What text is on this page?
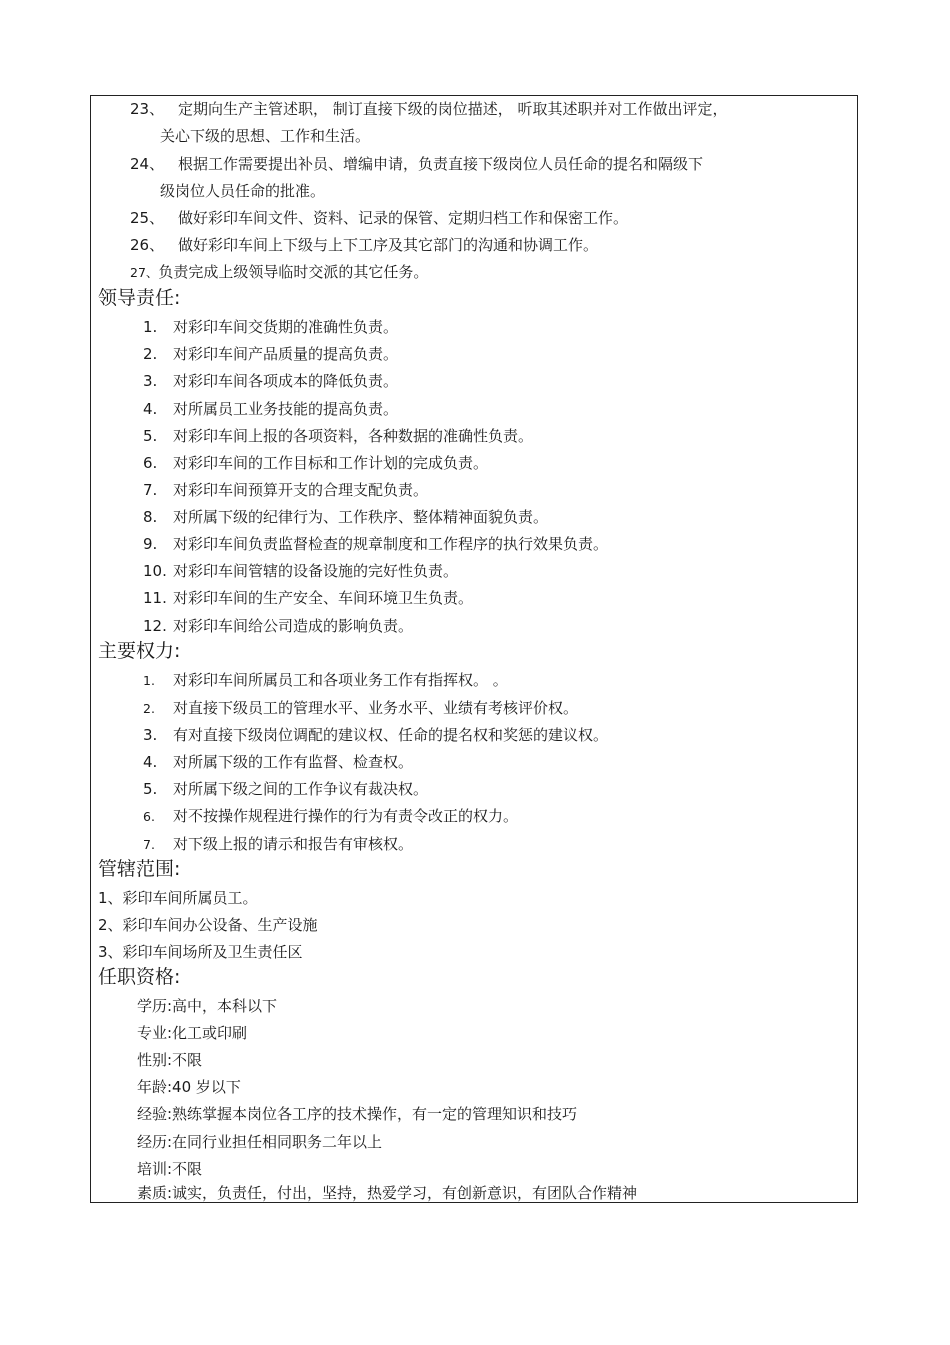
23、 定期向生产主管述职， 制订直接下级的岗位描述， 听取其述职并对工作做出评定，
关心下级的思想、工作和生活。
24、 根据工作需要提出补员、增编申请，负责直接下级岗位人员任命的提名和隔级下
级岗位人员任命的批准。
25、 做好彩印车间文件、资料、记录的保管、定期归档工作和保密工作。
26、 做好彩印车间上下级与上下工序及其它部门的沟通和协调工作。
27、负责完成上级领导临时交派的其它任务。
领导责任:
1. 对彩印车间交货期的准确性负责。
2. 对彩印车间产品质量的提高负责。
3. 对彩印车间各项成本的降低负责。
4. 对所属员工业务技能的提高负责。
5. 对彩印车间上报的各项资料，各种数据的准确性负责。
6. 对彩印车间的工作目标和工作计划的完成负责。
7. 对彩印车间预算开支的合理支配负责。
8. 对所属下级的纪律行为、工作秩序、整体精神面貌负责。
9. 对彩印车间负责监督检查的规章制度和工作程序的执行效果负责。
10. 对彩印车间管辖的设备设施的完好性负责。
11. 对彩印车间的生产安全、车间环境卫生负责。
12. 对彩印车间给公司造成的影响负责。
主要权力:
1. 对彩印车间所属员工和各项业务工作有指挥权。 。
2. 对直接下级员工的管理水平、业务水平、业绩有考核评价权。
3. 有对直接下级岗位调配的建议权、任命的提名权和奖惩的建议权。
4. 对所属下级的工作有监督、检查权。
5. 对所属下级之间的工作争议有裁决权。
6. 对不按操作规程进行操作的行为有责令改正的权力。
7. 对下级上报的请示和报告有审核权。
管辖范围:
1、彩印车间所属员工。
2、彩印车间办公设备、生产设施
3、彩印车间场所及卫生责任区
任职资格:
学历:高中，本科以下
专业:化工或印刷
性别:不限
年龄:40 岁以下
经验:熟练掌握本岗位各工序的技术操作，有一定的管理知识和技巧
经历:在同行业担任相同职务二年以上
培训:不限
素质:诚实，负责任，付出，坚持，热爱学习，有创新意识，有团队合作精神
